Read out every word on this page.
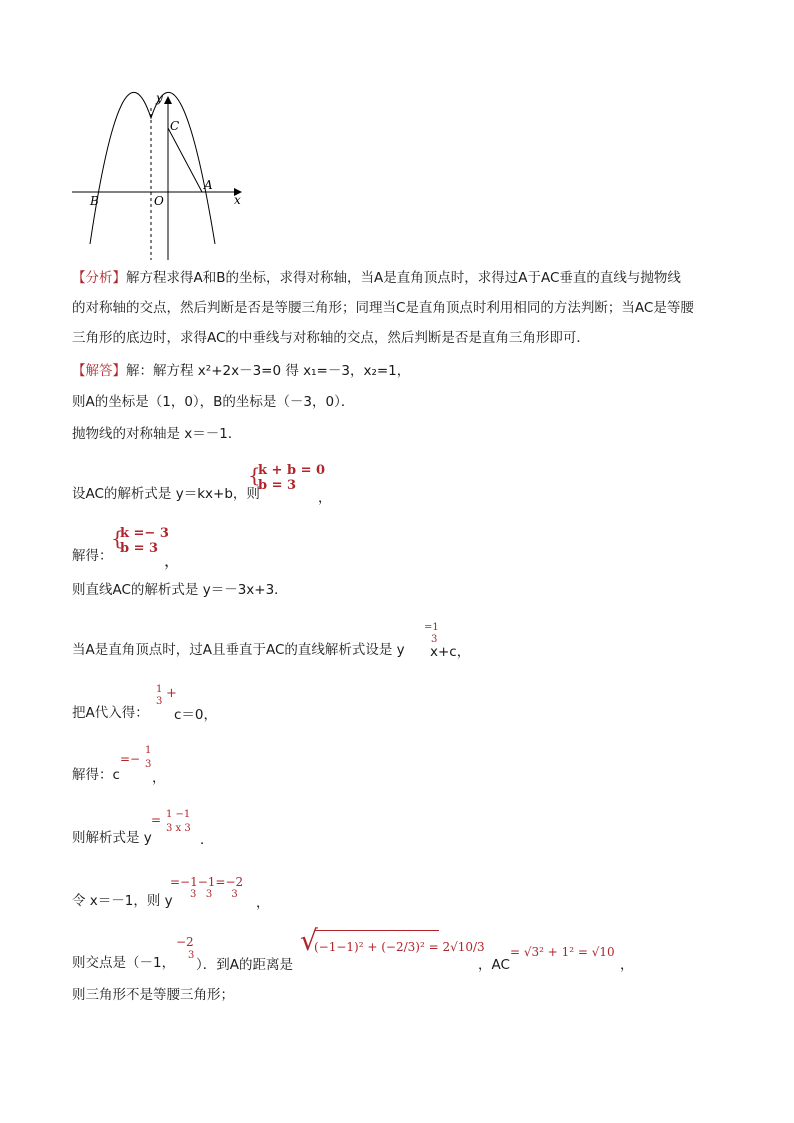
y
x
C
A
B	O
【分析】解方程求得A和B的坐标，求得对称轴，当A是直角顶点时，求得过A于AC垂直的直线与抛物线
的对称轴的交点，然后判断是否是等腰三角形；同理当C是直角顶点时利用相同的方法判断；当AC是等腰
三角形的底边时，求得AC的中垂线与对称轴的交点，然后判断是否是直角三角形即可．
【解答】解：解方程 x²+2x－3=0 得 x₁=－3，x₂=1，
则A的坐标是（1，0），B的坐标是（－3，0）．
抛物线的对称轴是 x＝－1．
设AC的解析式是 y＝kx+b，则
{
k + b = 0
b = 3
，
解得：
{
k =− 3
b = 3
，
则直线AC的解析式是 y＝－3x+3．
当A是直角顶点时，过A且垂直于AC的直线解析式设是 y
=1
3
x+c，
把A代入得：
1
3
+
c＝0，
解得：c
=−
1
3
，
则解析式是 y
= 1 −1
3 x 3
．
令 x＝－1，则 y
=−1−1=−2
3   3      3
，
则交点是（－1，
−2
3
）．到A的距离是
√
(−1−1)² + (−2/3)² = 2√10/3
，AC
= √3² + 1² = √10
，
则三角形不是等腰三角形；
